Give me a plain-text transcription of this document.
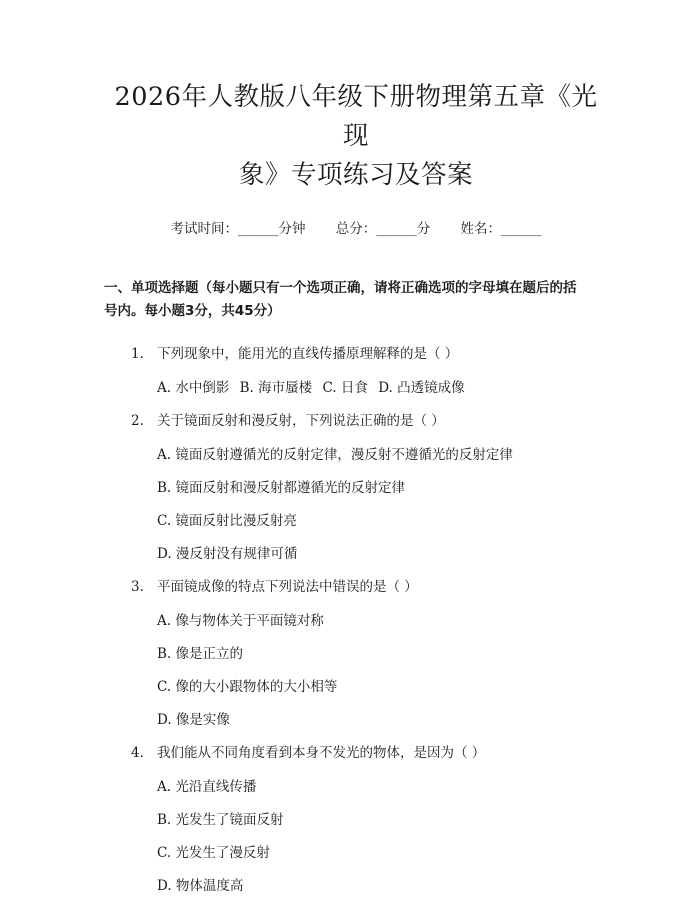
2026年人教版八年级下册物理第五章《光现
象》专项练习及答案
考试时间：______分钟 总分：______分 姓名：______
一、单项选择题（每小题只有一个选项正确，请将正确选项的字母填在题后的括
号内。每小题3分，共45分）
1. 下列现象中，能用光的直线传播原理解释的是（ ）
A. 水中倒影 B. 海市蜃楼 C. 日食 D. 凸透镜成像
2. 关于镜面反射和漫反射，下列说法正确的是（ ）
A. 镜面反射遵循光的反射定律，漫反射不遵循光的反射定律
B. 镜面反射和漫反射都遵循光的反射定律
C. 镜面反射比漫反射亮
D. 漫反射没有规律可循
3. 平面镜成像的特点下列说法中错误的是（ ）
A. 像与物体关于平面镜对称
B. 像是正立的
C. 像的大小跟物体的大小相等
D. 像是实像
4. 我们能从不同角度看到本身不发光的物体，是因为（ ）
A. 光沿直线传播
B. 光发生了镜面反射
C. 光发生了漫反射
D. 物体温度高
